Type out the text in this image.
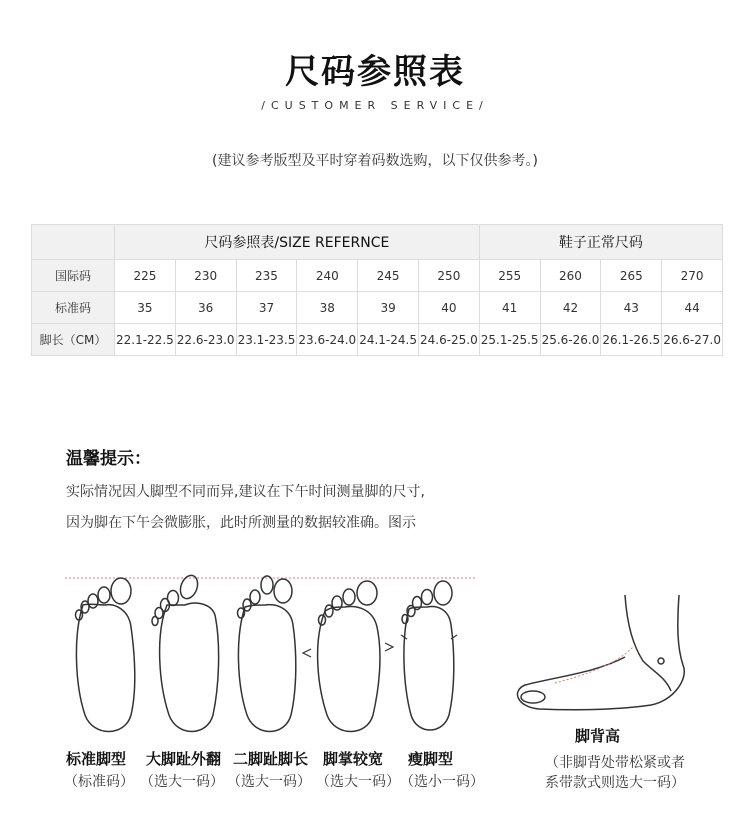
尺码参照表
/CUSTOMER SERVICE/
(建议参考版型及平时穿着码数选购，以下仅供参考。)
	尺码参照表/SIZE REFERNCE						鞋子正常尺码			
国际码	225	230	235	240	245	250	255	260	265	270
标准码	35	36	37	38	39	40	41	42	43	44
脚长（CM）	22.1-22.5	22.6-23.0	23.1-23.5	23.6-24.0	24.1-24.5	24.6-25.0	25.1-25.5	25.6-26.0	26.1-26.5	26.6-27.0
温馨提示：
实际情况因人脚型不同而异,建议在下午时间测量脚的尺寸,
因为脚在下午会微膨胀，此时所测量的数据较准确。图示
标准脚型 大脚趾外翻 二脚趾脚长 脚掌较宽 瘦脚型
（标准码） （选大一码） （选大一码） （选大一码） （选小一码）
脚背高
（非脚背处带松紧或者
系带款式则选大一码）
